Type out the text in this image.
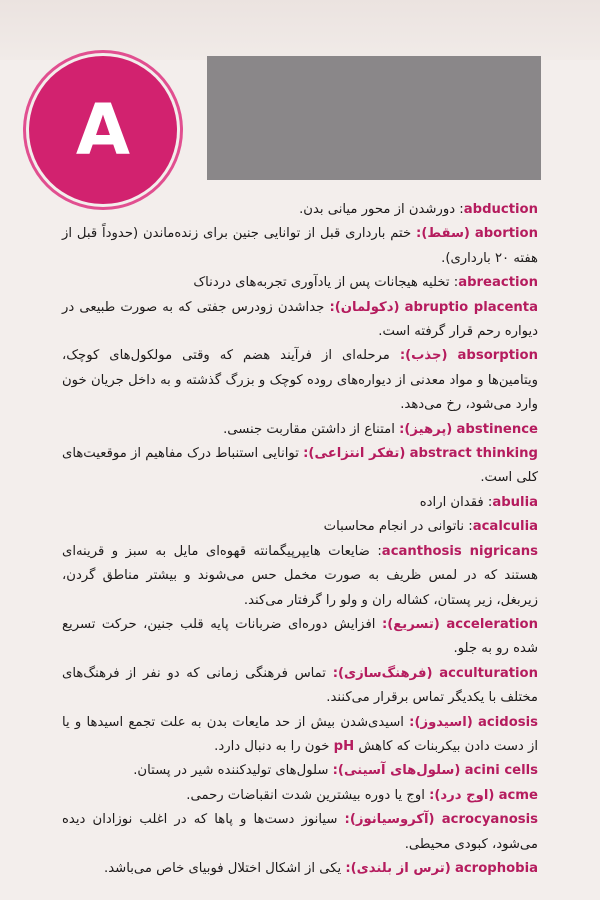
A
abduction: دورشدن از محور میانی بدن.
abortion (سقط): ختم بارداری قبل از توانایی جنین برای زنده‌ماندن (حدوداً قبل از هفته ۲۰ بارداری).
abreaction: تخلیه هیجانات پس از یادآوری تجربه‌های دردناک
abruptio placenta (دکولمان): جداشدن زودرس جفتی که به صورت طبیعی در دیواره رحم قرار گرفته است.
absorption (جذب): مرحله‌ای از فرآیند هضم که وقتی مولکول‌های کوچک، ویتامین‌ها و مواد معدنی از دیواره‌های روده کوچک و بزرگ گذشته و به داخل جریان خون وارد می‌شود، رخ می‌دهد.
abstinence (پرهیز): امتناع از داشتن مقاربت جنسی.
abstract thinking (تفکر انتزاعی): توانایی استنباط درک مفاهیم از موقعیت‌های کلی است.
abulia: فقدان اراده
acalculia: ناتوانی در انجام محاسبات
acanthosis nigricans: ضایعات هایپرپیگمانته قهوه‌ای مایل به سبز و قرینه‌ای هستند که در لمس ظریف به صورت مخمل حس می‌شوند و بیشتر مناطق گردن، زیربغل، زیر پستان، کشاله ران و ولو را گرفتار می‌کند.
acceleration (تسریع): افزایش دوره‌ای ضربانات پایه قلب جنین، حرکت تسریع شده رو به جلو.
acculturation (فرهنگ‌سازی): تماس فرهنگی زمانی که دو نفر از فرهنگ‌های مختلف با یکدیگر تماس برقرار می‌کنند.
acidosis (اسیدوز): اسیدی‌شدن بیش از حد مایعات بدن به علت تجمع اسیدها و یا از دست دادن بیکربنات که کاهش pH خون را به دنبال دارد.
acini cells (سلول‌های آسینی): سلول‌های تولیدکننده شیر در پستان.
acme (اوج درد): اوج یا دوره بیشترین شدت انقباضات رحمی.
acrocyanosis (آکروسیانوز): سیانوز دست‌ها و پاها که در اغلب نوزادان دیده می‌شود، کبودی محیطی.
acrophobia (ترس از بلندی): یکی از اشکال اختلال فوبیای خاص می‌باشد.
